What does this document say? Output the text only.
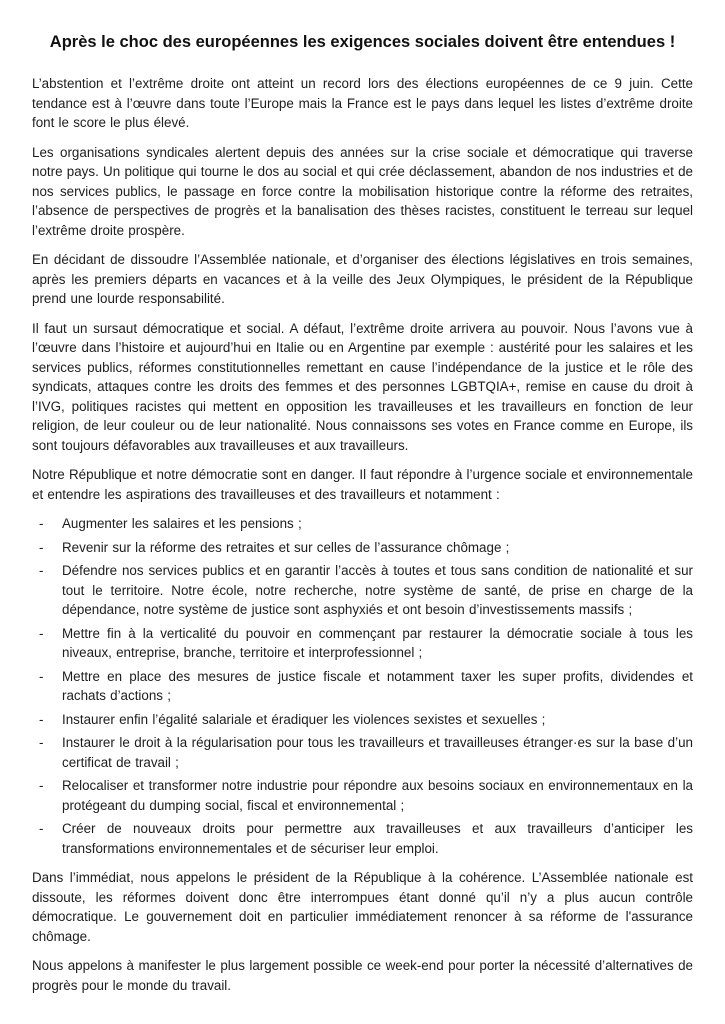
Après le choc des européennes les exigences sociales doivent être entendues !

L’abstention et l’extrême droite ont atteint un record lors des élections européennes de ce 9 juin. Cette tendance est à l’œuvre dans toute l’Europe mais la France est le pays dans lequel les listes d’extrême droite font le score le plus élevé.

Les organisations syndicales alertent depuis des années sur la crise sociale et démocratique qui traverse notre pays. Un politique qui tourne le dos au social et qui crée déclassement, abandon de nos industries et de nos services publics, le passage en force contre la mobilisation historique contre la réforme des retraites, l’absence de perspectives de progrès et la banalisation des thèses racistes, constituent le terreau sur lequel l’extrême droite prospère.

En décidant de dissoudre l’Assemblée nationale, et d’organiser des élections législatives en trois semaines, après les premiers départs en vacances et à la veille des Jeux Olympiques, le président de la République prend une lourde responsabilité.

Il faut un sursaut démocratique et social. A défaut, l’extrême droite arrivera au pouvoir. Nous l’avons vue à l’œuvre dans l’histoire et aujourd’hui en Italie ou en Argentine par exemple : austérité pour les salaires et les services publics, réformes constitutionnelles remettant en cause l’indépendance de la justice et le rôle des syndicats, attaques contre les droits des femmes et des personnes LGBTQIA+, remise en cause du droit à l’IVG, politiques racistes qui mettent en opposition les travailleuses et les travailleurs en fonction de leur religion, de leur couleur ou de leur nationalité. Nous connaissons ses votes en France comme en Europe, ils sont toujours défavorables aux travailleuses et aux travailleurs.

Notre République et notre démocratie sont en danger. Il faut répondre à l’urgence sociale et environnementale et entendre les aspirations des travailleuses et des travailleurs et notamment :

- Augmenter les salaires et les pensions ;
- Revenir sur la réforme des retraites et sur celles de l’assurance chômage ;
- Défendre nos services publics et en garantir l’accès à toutes et tous sans condition de nationalité et sur tout le territoire. Notre école, notre recherche, notre système de santé, de prise en charge de la dépendance, notre système de justice sont asphyxiés et ont besoin d’investissements massifs ;
- Mettre fin à la verticalité du pouvoir en commençant par restaurer la démocratie sociale à tous les niveaux, entreprise, branche, territoire et interprofessionnel ;
- Mettre en place des mesures de justice fiscale et notamment taxer les super profits, dividendes et rachats d’actions ;
- Instaurer enfin l’égalité salariale et éradiquer les violences sexistes et sexuelles ;
- Instaurer le droit à la régularisation pour tous les travailleurs et travailleuses étranger·es sur la base d’un certificat de travail ;
- Relocaliser et transformer notre industrie pour répondre aux besoins sociaux en environnementaux en la protégeant du dumping social, fiscal et environnemental ;
- Créer de nouveaux droits pour permettre aux travailleuses et aux travailleurs d’anticiper les transformations environnementales et de sécuriser leur emploi.

Dans l’immédiat, nous appelons le président de la République à la cohérence. L’Assemblée nationale est dissoute, les réformes doivent donc être interrompues étant donné qu’il n’y a plus aucun contrôle démocratique. Le gouvernement doit en particulier immédiatement renoncer à sa réforme de l'assurance chômage.

Nous appelons à manifester le plus largement possible ce week-end pour porter la nécessité d’alternatives de progrès pour le monde du travail.
